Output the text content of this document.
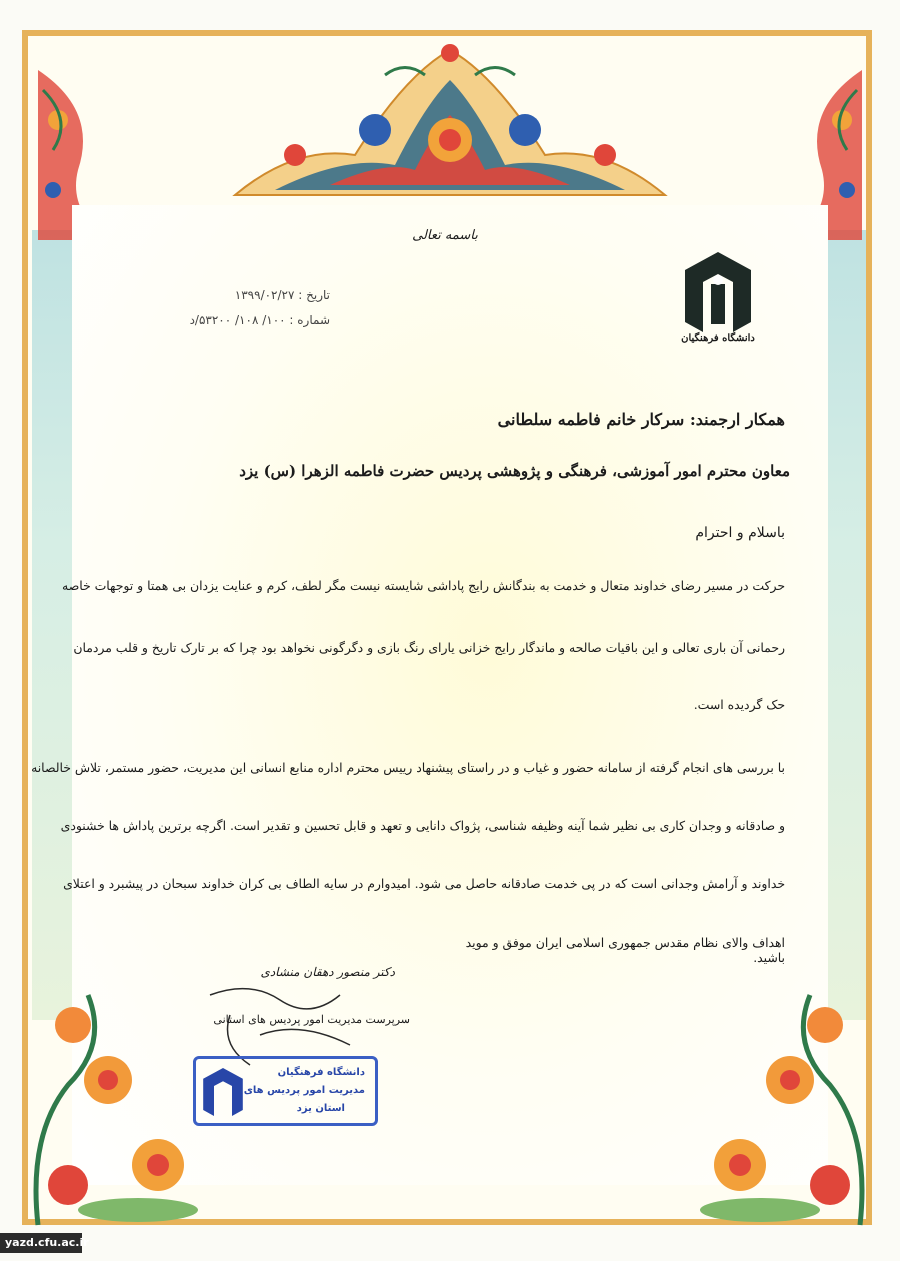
باسمه تعالی
تاریخ : ۱۳۹۹/۰۲/۲۷
شماره : ۱۰۰/ ۱۰۸/ ۵۳۲۰۰/د
دانشگاه فرهنگیان
همکار ارجمند: سرکار خانم فاطمه سلطانی
معاون محترم امور آموزشی، فرهنگی و پژوهشی پردیس حضرت فاطمه الزهرا (س) یزد
باسلام و احترام
حرکت در مسیر رضای خداوند متعال و خدمت به بندگانش رایج پاداشی شایسته نیست مگر لطف، کرم و عنایت یزدان بی همتا و توجهات خاصه
رحمانی آن باری تعالی و این باقیات صالحه و ماندگار رایج خزانی یارای رنگ بازی و دگرگونی نخواهد بود چرا که بر تارک تاریخ و قلب مردمان
حک گردیده است.
با بررسی های انجام گرفته از سامانه حضور و غیاب و در راستای پیشنهاد رییس محترم اداره منابع انسانی این مدیریت، حضور مستمر، تلاش خالصانه
و صادقانه و وجدان کاری بی نظیر شما آینه وظیفه شناسی، پژواک دانایی و تعهد و قابل تحسین و تقدیر است. اگرچه برترین پاداش ها خشنودی
خداوند و آرامش وجدانی است که در پی خدمت صادقانه حاصل می شود. امیدوارم در سایه الطاف بی کران خداوند سبحان در پیشبرد و اعتلای
اهداف والای نظام مقدس جمهوری اسلامی ایران موفق و موید باشید.
دکتر منصور دهقان منشادی
سرپرست مدیریت امور پردیس های استانی
دانشگاه فرهنگیان
مدیریت امور پردیس های
استان یزد
yazd.cfu.ac.ir
